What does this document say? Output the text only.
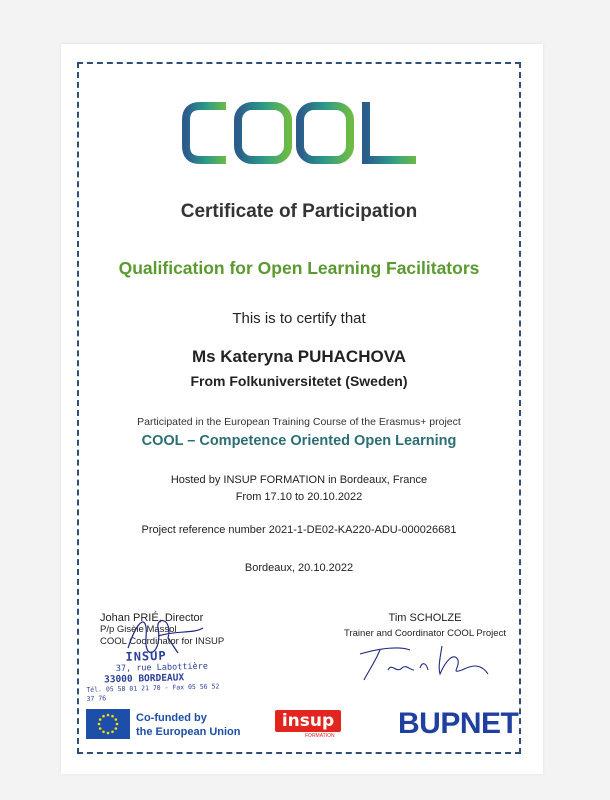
COOL
Certificate of Participation
Qualification for Open Learning Facilitators
This is to certify that
Ms Kateryna PUHACHOVA
From Folkuniversitetet (Sweden)
Participated in the European Training Course of the Erasmus+ project
COOL – Competence Oriented Open Learning
Hosted by INSUP FORMATION in Bordeaux, France
From 17.10 to 20.10.2022
Project reference number 2021-1-DE02-KA220-ADU-000026681
Bordeaux, 20.10.2022
Johan PRIÉ, Director
P/p Gisèle Massol
COOL Coordinator for INSUP
INSUP
37, rue Labottière
33000 BORDEAUX
Tél. 05 58 01 21 70 - Fax 05 56 52 37 76
Tim SCHOLZE
Trainer and Coordinator COOL Project
Co-funded by
the European Union
insup
FORMATION BUPNET
